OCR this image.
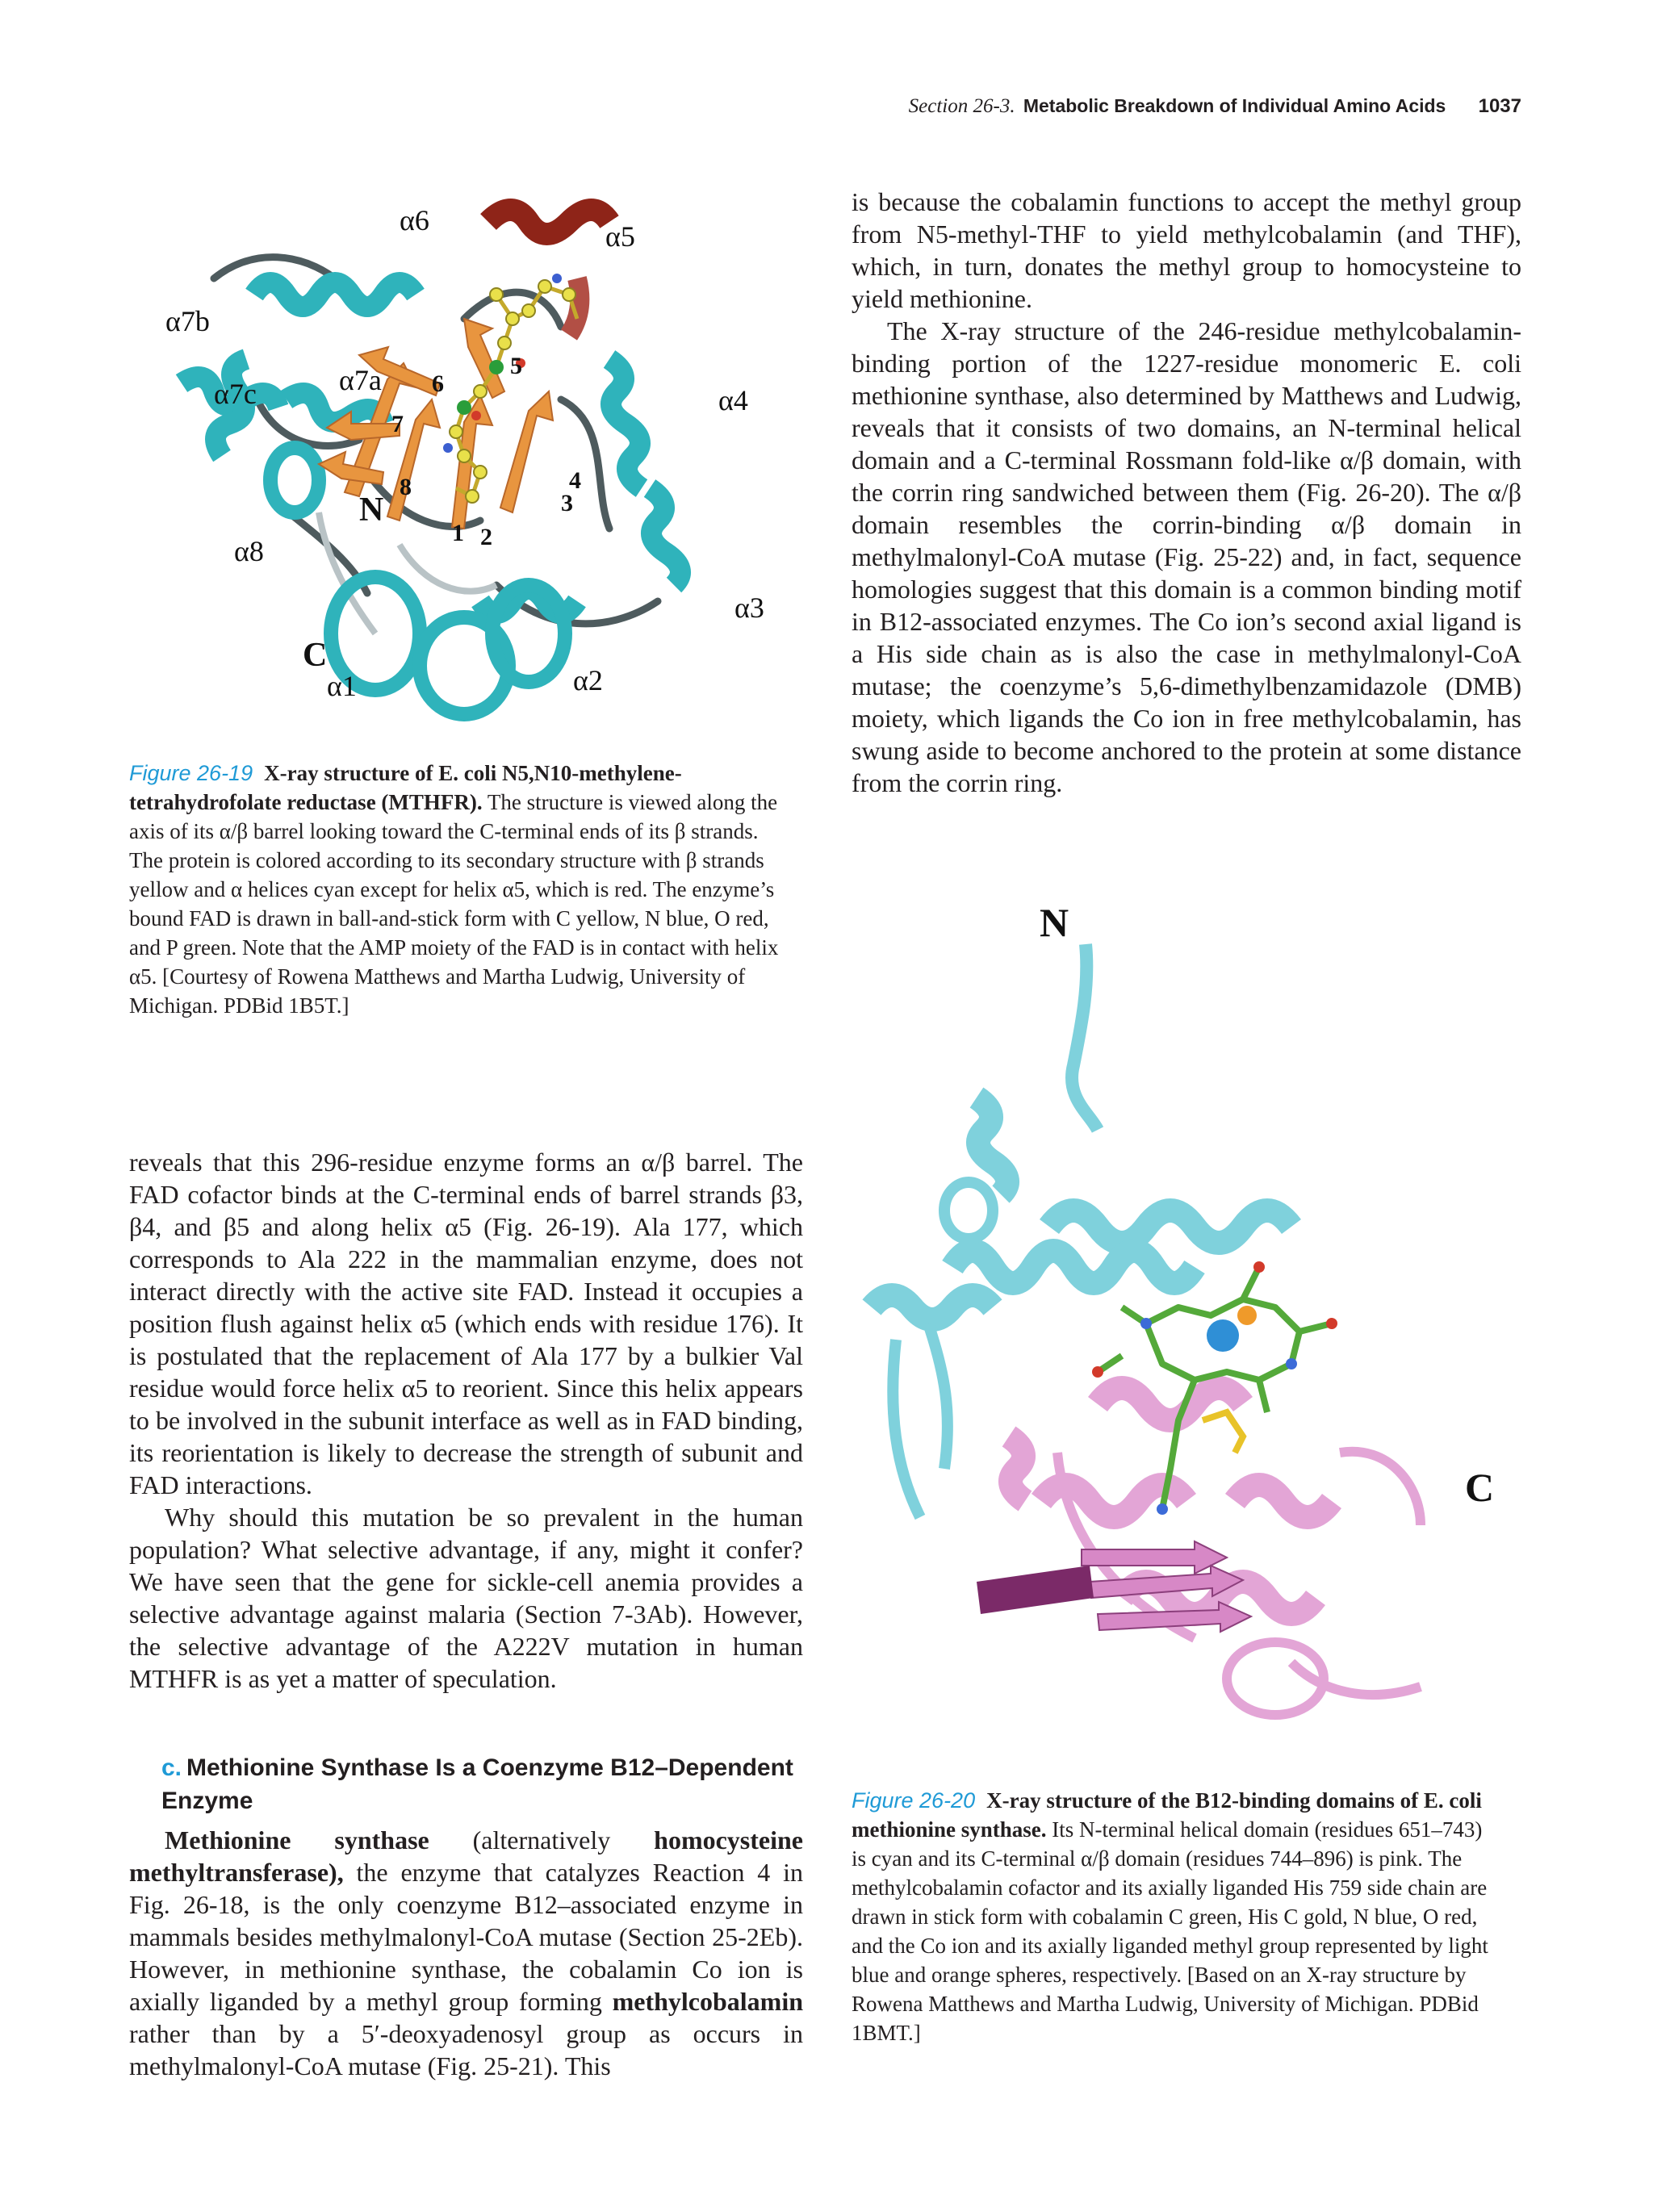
Section 26-3. Metabolic Breakdown of Individual Amino Acids 1037
α6	α5
α7b
α7c	α7a
α4
α8
α3
α1	α2
N
C
1 2
3
4
5
6
7
8
Figure 26-19 X-ray structure of E. coli N5,N10-methylene-tetrahydrofolate reductase (MTHFR). The structure is viewed along the axis of its α/β barrel looking toward the C-terminal ends of its β strands. The protein is colored according to its secondary structure with β strands yellow and α helices cyan except for helix α5, which is red. The enzyme’s bound FAD is drawn in ball-and-stick form with C yellow, N blue, O red, and P green. Note that the AMP moiety of the FAD is in contact with helix α5. [Courtesy of Rowena Matthews and Martha Ludwig, University of Michigan. PDBid 1B5T.]

is because the cobalamin functions to accept the methyl group from N5-methyl-THF to yield methylcobalamin (and THF), which, in turn, donates the methyl group to homocysteine to yield methionine.

The X-ray structure of the 246-residue methylcobalamin-binding portion of the 1227-residue monomeric E. coli methionine synthase, also determined by Matthews and Ludwig, reveals that it consists of two domains, an N-terminal helical domain and a C-terminal Rossmann fold-like α/β domain, with the corrin ring sandwiched between them (Fig. 26-20). The α/β domain resembles the corrin-binding α/β domain in methylmalonyl-CoA mutase (Fig. 25-22) and, in fact, sequence homologies suggest that this domain is a common binding motif in B12-associated enzymes. The Co ion’s second axial ligand is a His side chain as is also the case in methylmalonyl-CoA mutase; the coenzyme’s 5,6-dimethylbenzamidazole (DMB) moiety, which ligands the Co ion in free methylcobalamin, has swung aside to become anchored to the protein at some distance from the corrin ring.

reveals that this 296-residue enzyme forms an α/β barrel. The FAD cofactor binds at the C-terminal ends of barrel strands β3, β4, and β5 and along helix α5 (Fig. 26-19). Ala 177, which corresponds to Ala 222 in the mammalian enzyme, does not interact directly with the active site FAD. Instead it occupies a position flush against helix α5 (which ends with residue 176). It is postulated that the replacement of Ala 177 by a bulkier Val residue would force helix α5 to reorient. Since this helix appears to be involved in the subunit interface as well as in FAD binding, its reorientation is likely to decrease the strength of subunit and FAD interactions.

Why should this mutation be so prevalent in the human population? What selective advantage, if any, might it confer? We have seen that the gene for sickle-cell anemia provides a selective advantage against malaria (Section 7-3Ab). However, the selective advantage of the A222V mutation in human MTHFR is as yet a matter of speculation.

c. Methionine Synthase Is a Coenzyme B12–Dependent Enzyme

Methionine synthase (alternatively homocysteine methyltransferase), the enzyme that catalyzes Reaction 4 in Fig. 26-18, is the only coenzyme B12–associated enzyme in mammals besides methylmalonyl-CoA mutase (Section 25-2Eb). However, in methionine synthase, the cobalamin Co ion is axially liganded by a methyl group forming methylcobalamin rather than by a 5′-deoxyadenosyl group as occurs in methylmalonyl-CoA mutase (Fig. 25-21). This

N
C
Figure 26-20 X-ray structure of the B12-binding domains of E. coli methionine synthase. Its N-terminal helical domain (residues 651–743) is cyan and its C-terminal α/β domain (residues 744–896) is pink. The methylcobalamin cofactor and its axially liganded His 759 side chain are drawn in stick form with cobalamin C green, His C gold, N blue, O red, and the Co ion and its axially liganded methyl group represented by light blue and orange spheres, respectively. [Based on an X-ray structure by Rowena Matthews and Martha Ludwig, University of Michigan. PDBid 1BMT.]
